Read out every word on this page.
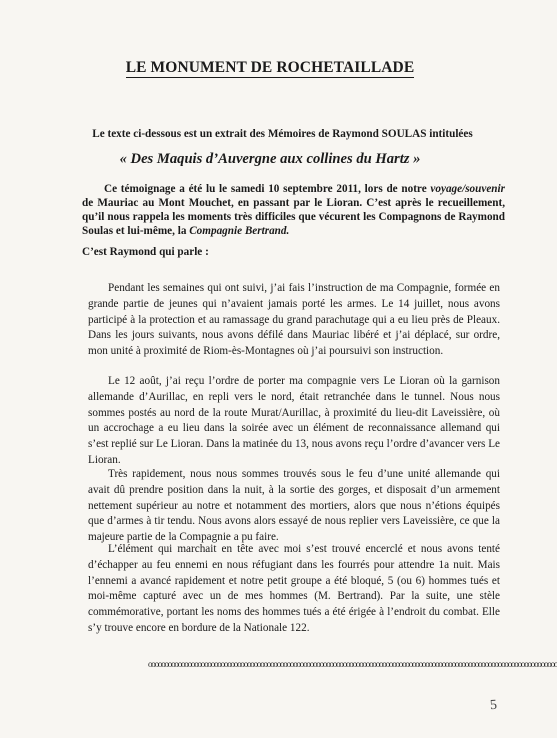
LE MONUMENT DE ROCHETAILLADE
Le texte ci-dessous est un extrait des Mémoires de Raymond SOULAS intitulées
« Des Maquis d’Auvergne aux collines du Hartz »
Ce témoignage a été lu le samedi 10 septembre 2011, lors de notre voyage/souvenir de Mauriac au Mont Mouchet, en passant par le Lioran. C’est après le recueillement, qu’il nous rappela les moments très difficiles que vécurent les Compagnons de Raymond Soulas et lui-même, la Compagnie Bertrand.
C’est Raymond qui parle :

Pendant les semaines qui ont suivi, j’ai fais l’instruction de ma Compagnie, formée en grande partie de jeunes qui n’avaient jamais porté les armes. Le 14 juillet, nous avons participé à la protection et au ramassage du grand parachutage qui a eu lieu près de Pleaux. Dans les jours suivants, nous avons défilé dans Mauriac libéré et j’ai déplacé, sur ordre, mon unité à proximité de Riom-ès-Montagnes où j’ai poursuivi son instruction.

Le 12 août, j’ai reçu l’ordre de porter ma compagnie vers Le Lioran où la garnison allemande d’Aurillac, en repli vers le nord, était retranchée dans le tunnel. Nous nous sommes postés au nord de la route Murat/Aurillac, à proximité du lieu-dit Laveissière, où un accrochage a eu lieu dans la soirée avec un élément de reconnaissance allemand qui s’est replié sur Le Lioran. Dans la matinée du 13, nous avons reçu l’ordre d’avancer vers Le Lioran.

Très rapidement, nous nous sommes trouvés sous le feu d’une unité allemande qui avait dû prendre position dans la nuit, à la sortie des gorges, et disposait d’un armement nettement supérieur au notre et notamment des mortiers, alors que nous n’étions équipés que d’armes à tir tendu. Nous avons alors essayé de nous replier vers Laveissière, ce que la majeure partie de la Compagnie a pu faire.

L’élément qui marchait en tête avec moi s’est trouvé encerclé et nous avons tenté d’échapper au feu ennemi en nous réfugiant dans les fourrés pour attendre 1a nuit. Mais l’ennemi a avancé rapidement et notre petit groupe a été bloqué, 5 (ou 6) hommes tués et moi-même capturé avec un de mes hommes (M. Bertrand). Par la suite, une stèle commémorative, portant les noms des hommes tués a été érigée à l’endroit du combat. Elle s’y trouve encore en bordure de la Nationale 122.

oooooooooooooooooooooooooooooooooooooooooooooooooooooooooooooooooooooooooooooooooooooooooooooooooooooooooooooooooooooooooooo
5
